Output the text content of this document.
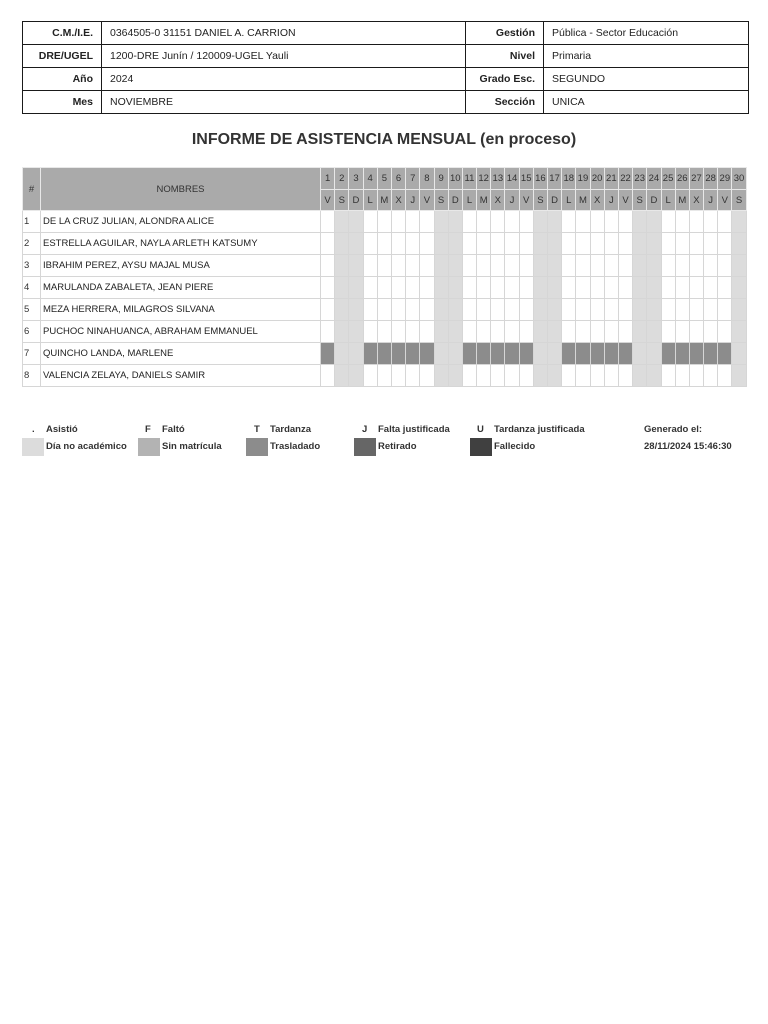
C.M./I.E.	0364505-0 31151 DANIEL A. CARRION	Gestión	Pública - Sector Educación
DRE/UGEL	1200-DRE Junín / 120009-UGEL Yauli	Nivel	Primaria
Año	2024	Grado Esc.	SEGUNDO
Mes	NOVIEMBRE	Sección	UNICA
INFORME DE ASISTENCIA MENSUAL (en proceso)
#	NOMBRES	1	2	3	4	5	6	7	8	9	10	11	12	13	14	15	16	17	18	19	20	21	22	23	24	25	26	27	28	29	30
		V	S	D	L	M	X	J	V	S	D	L	M	X	J	V	S	D	L	M	X	J	V	S	D	L	M	X	J	V	S
1	DE LA CRUZ JULIAN, ALONDRA ALICE																														
2	ESTRELLA AGUILAR, NAYLA ARLETH KATSUMY																														
3	IBRAHIM PEREZ, AYSU MAJAL MUSA																														
4	MARULANDA ZABALETA, JEAN PIERE																														
5	MEZA HERRERA, MILAGROS SILVANA																														
6	PUCHOC NINAHUANCA, ABRAHAM EMMANUEL																														
7	QUINCHO LANDA, MARLENE																														
8	VALENCIA ZELAYA, DANIELS SAMIR																														
. Asistió	F Faltó	T Tardanza	J Falta justificada	U Tardanza justificada	Generado el:
Día no académico	Sin matrícula	Trasladado	Retirado	Fallecido	28/11/2024 15:46:30
